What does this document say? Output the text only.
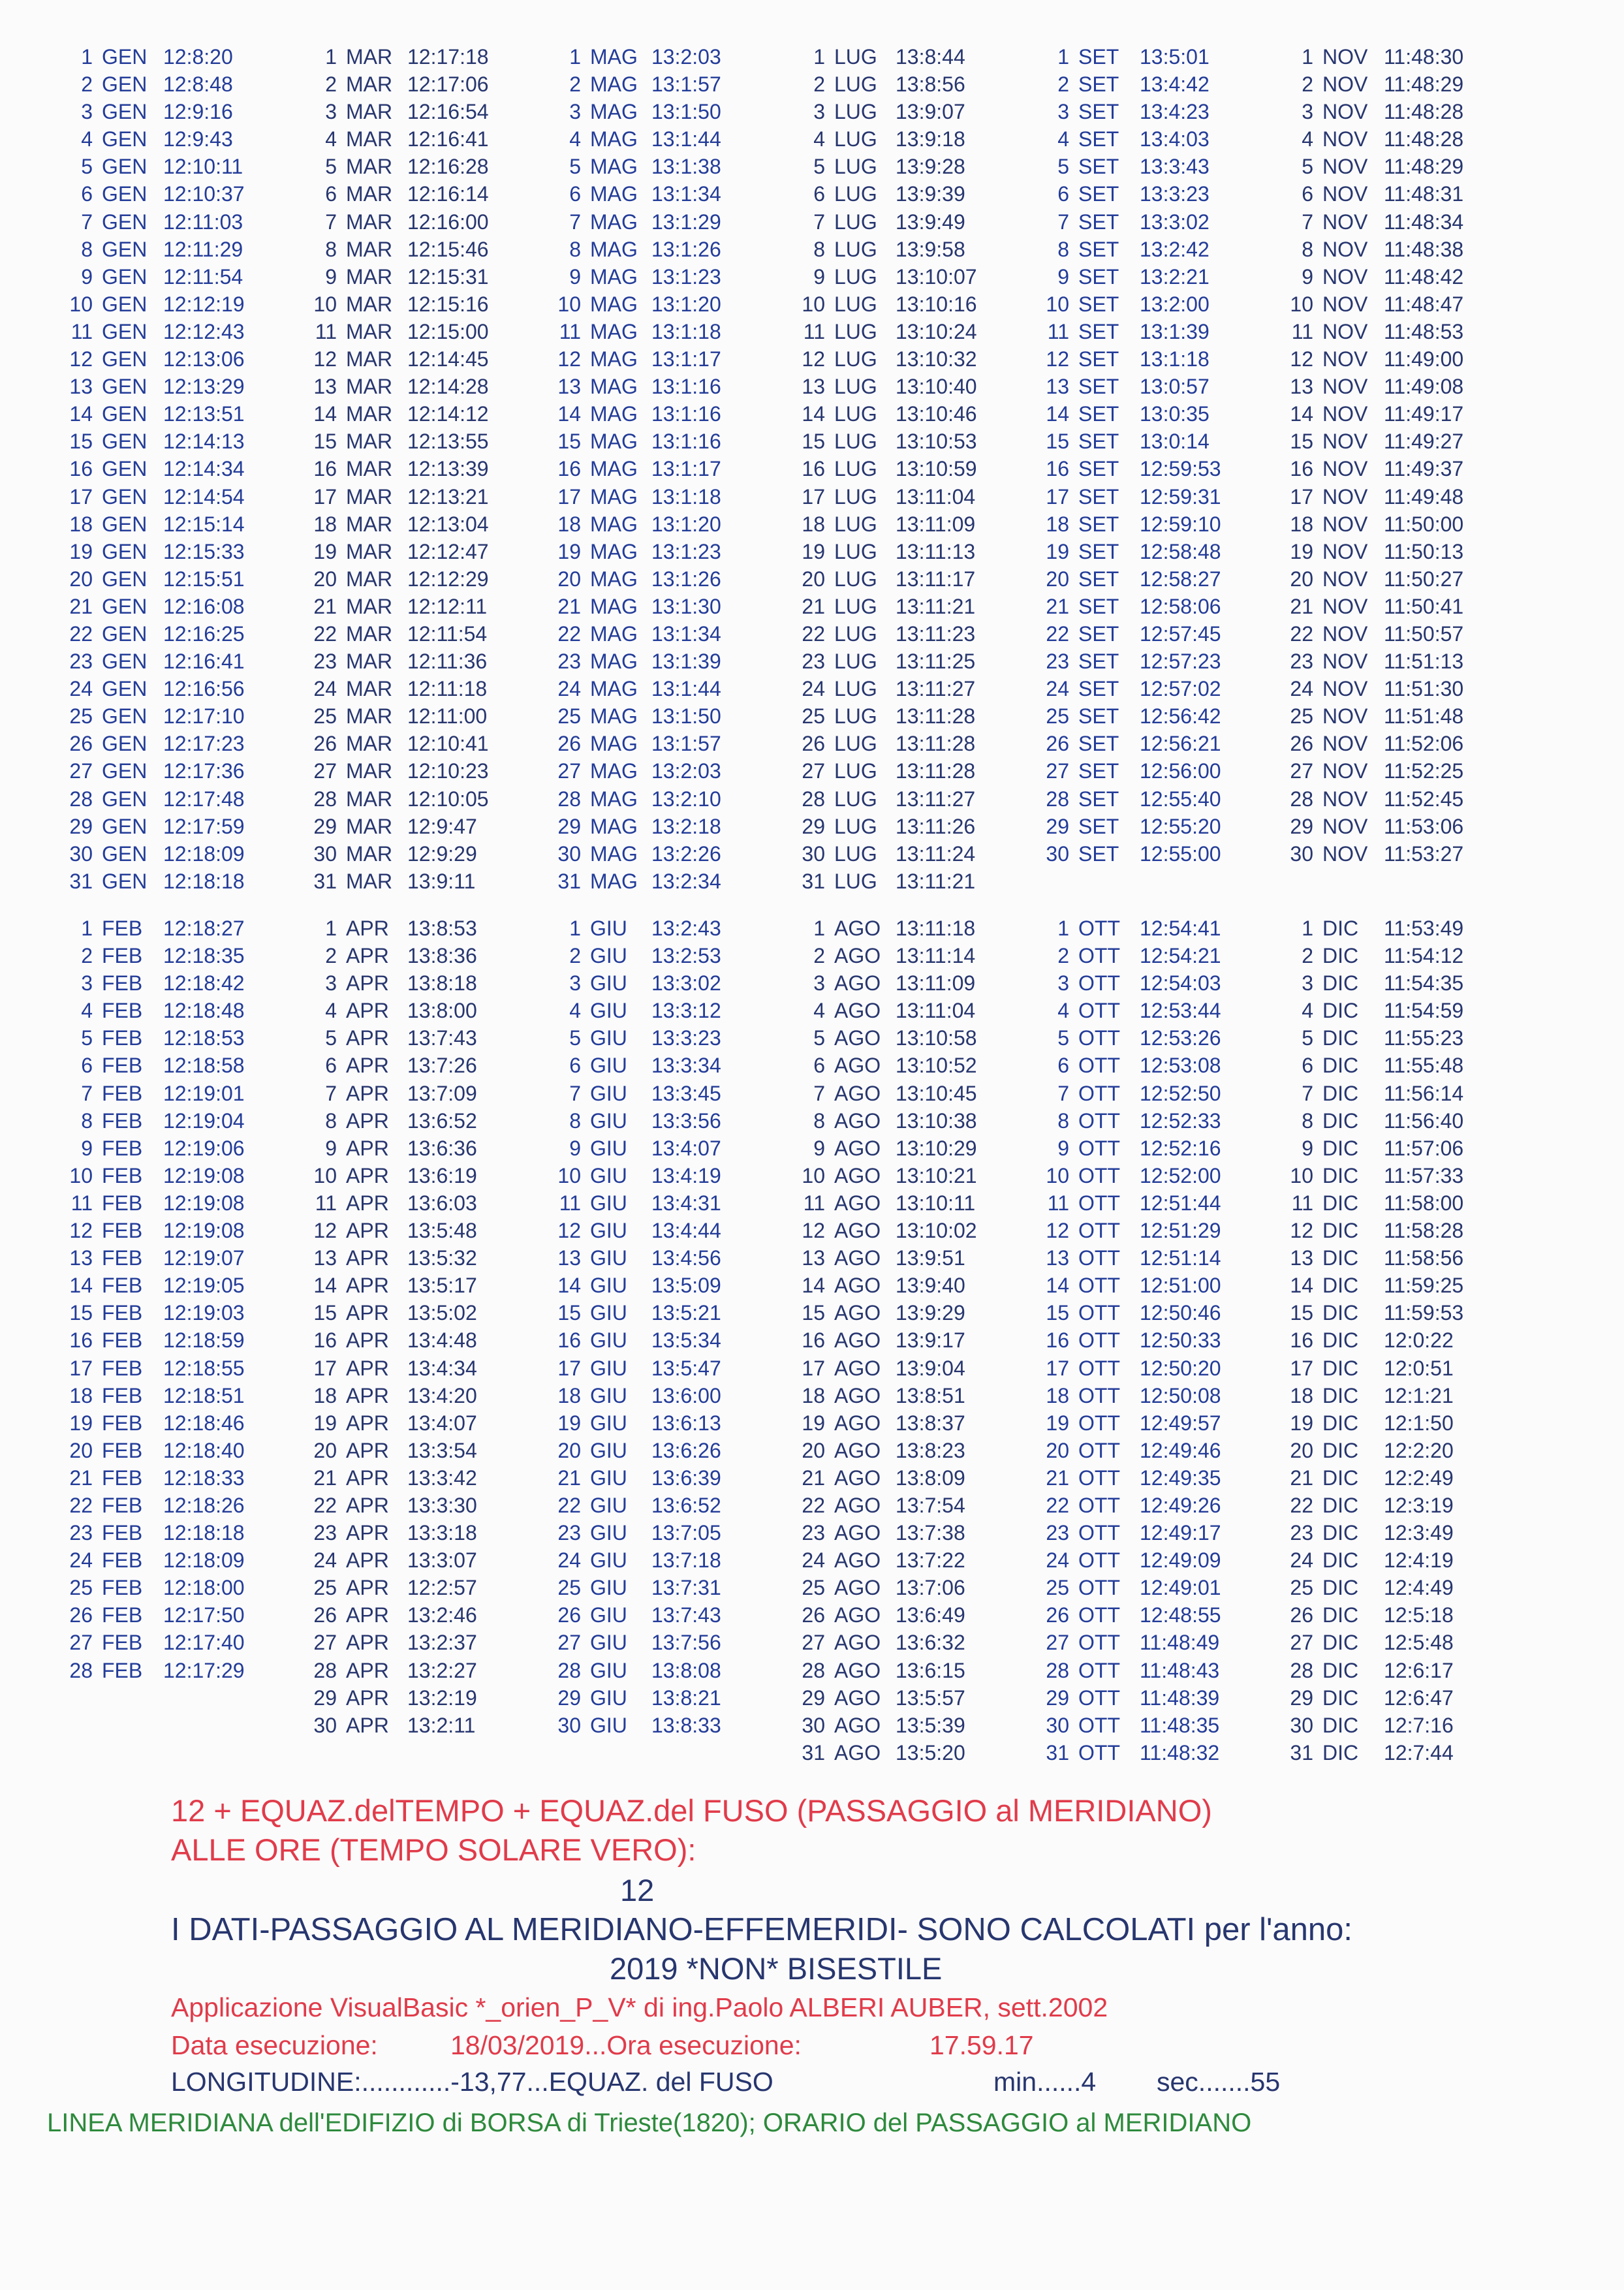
1 GEN 12:8:20
2 GEN 12:8:48
3 GEN 12:9:16
4 GEN 12:9:43
5 GEN 12:10:11
6 GEN 12:10:37
7 GEN 12:11:03
8 GEN 12:11:29
9 GEN 12:11:54
10 GEN 12:12:19
11 GEN 12:12:43
12 GEN 12:13:06
13 GEN 12:13:29
14 GEN 12:13:51
15 GEN 12:14:13
16 GEN 12:14:34
17 GEN 12:14:54
18 GEN 12:15:14
19 GEN 12:15:33
20 GEN 12:15:51
21 GEN 12:16:08
22 GEN 12:16:25
23 GEN 12:16:41
24 GEN 12:16:56
25 GEN 12:17:10
26 GEN 12:17:23
27 GEN 12:17:36
28 GEN 12:17:48
29 GEN 12:17:59
30 GEN 12:18:09
31 GEN 12:18:18
1 MAR 12:17:18
2 MAR 12:17:06
3 MAR 12:16:54
4 MAR 12:16:41
5 MAR 12:16:28
6 MAR 12:16:14
7 MAR 12:16:00
8 MAR 12:15:46
9 MAR 12:15:31
10 MAR 12:15:16
11 MAR 12:15:00
12 MAR 12:14:45
13 MAR 12:14:28
14 MAR 12:14:12
15 MAR 12:13:55
16 MAR 12:13:39
17 MAR 12:13:21
18 MAR 12:13:04
19 MAR 12:12:47
20 MAR 12:12:29
21 MAR 12:12:11
22 MAR 12:11:54
23 MAR 12:11:36
24 MAR 12:11:18
25 MAR 12:11:00
26 MAR 12:10:41
27 MAR 12:10:23
28 MAR 12:10:05
29 MAR 12:9:47
30 MAR 12:9:29
31 MAR 13:9:11
1 MAG 13:2:03
2 MAG 13:1:57
3 MAG 13:1:50
4 MAG 13:1:44
5 MAG 13:1:38
6 MAG 13:1:34
7 MAG 13:1:29
8 MAG 13:1:26
9 MAG 13:1:23
10 MAG 13:1:20
11 MAG 13:1:18
12 MAG 13:1:17
13 MAG 13:1:16
14 MAG 13:1:16
15 MAG 13:1:16
16 MAG 13:1:17
17 MAG 13:1:18
18 MAG 13:1:20
19 MAG 13:1:23
20 MAG 13:1:26
21 MAG 13:1:30
22 MAG 13:1:34
23 MAG 13:1:39
24 MAG 13:1:44
25 MAG 13:1:50
26 MAG 13:1:57
27 MAG 13:2:03
28 MAG 13:2:10
29 MAG 13:2:18
30 MAG 13:2:26
31 MAG 13:2:34
1 LUG 13:8:44
2 LUG 13:8:56
3 LUG 13:9:07
4 LUG 13:9:18
5 LUG 13:9:28
6 LUG 13:9:39
7 LUG 13:9:49
8 LUG 13:9:58
9 LUG 13:10:07
10 LUG 13:10:16
11 LUG 13:10:24
12 LUG 13:10:32
13 LUG 13:10:40
14 LUG 13:10:46
15 LUG 13:10:53
16 LUG 13:10:59
17 LUG 13:11:04
18 LUG 13:11:09
19 LUG 13:11:13
20 LUG 13:11:17
21 LUG 13:11:21
22 LUG 13:11:23
23 LUG 13:11:25
24 LUG 13:11:27
25 LUG 13:11:28
26 LUG 13:11:28
27 LUG 13:11:28
28 LUG 13:11:27
29 LUG 13:11:26
30 LUG 13:11:24
31 LUG 13:11:21
1 SET 13:5:01
2 SET 13:4:42
3 SET 13:4:23
4 SET 13:4:03
5 SET 13:3:43
6 SET 13:3:23
7 SET 13:3:02
8 SET 13:2:42
9 SET 13:2:21
10 SET 13:2:00
11 SET 13:1:39
12 SET 13:1:18
13 SET 13:0:57
14 SET 13:0:35
15 SET 13:0:14
16 SET 12:59:53
17 SET 12:59:31
18 SET 12:59:10
19 SET 12:58:48
20 SET 12:58:27
21 SET 12:58:06
22 SET 12:57:45
23 SET 12:57:23
24 SET 12:57:02
25 SET 12:56:42
26 SET 12:56:21
27 SET 12:56:00
28 SET 12:55:40
29 SET 12:55:20
30 SET 12:55:00
1 NOV 11:48:30
2 NOV 11:48:29
3 NOV 11:48:28
4 NOV 11:48:28
5 NOV 11:48:29
6 NOV 11:48:31
7 NOV 11:48:34
8 NOV 11:48:38
9 NOV 11:48:42
10 NOV 11:48:47
11 NOV 11:48:53
12 NOV 11:49:00
13 NOV 11:49:08
14 NOV 11:49:17
15 NOV 11:49:27
16 NOV 11:49:37
17 NOV 11:49:48
18 NOV 11:50:00
19 NOV 11:50:13
20 NOV 11:50:27
21 NOV 11:50:41
22 NOV 11:50:57
23 NOV 11:51:13
24 NOV 11:51:30
25 NOV 11:51:48
26 NOV 11:52:06
27 NOV 11:52:25
28 NOV 11:52:45
29 NOV 11:53:06
30 NOV 11:53:27
1 FEB 12:18:27
2 FEB 12:18:35
3 FEB 12:18:42
4 FEB 12:18:48
5 FEB 12:18:53
6 FEB 12:18:58
7 FEB 12:19:01
8 FEB 12:19:04
9 FEB 12:19:06
10 FEB 12:19:08
11 FEB 12:19:08
12 FEB 12:19:08
13 FEB 12:19:07
14 FEB 12:19:05
15 FEB 12:19:03
16 FEB 12:18:59
17 FEB 12:18:55
18 FEB 12:18:51
19 FEB 12:18:46
20 FEB 12:18:40
21 FEB 12:18:33
22 FEB 12:18:26
23 FEB 12:18:18
24 FEB 12:18:09
25 FEB 12:18:00
26 FEB 12:17:50
27 FEB 12:17:40
28 FEB 12:17:29
1 APR 13:8:53
2 APR 13:8:36
3 APR 13:8:18
4 APR 13:8:00
5 APR 13:7:43
6 APR 13:7:26
7 APR 13:7:09
8 APR 13:6:52
9 APR 13:6:36
10 APR 13:6:19
11 APR 13:6:03
12 APR 13:5:48
13 APR 13:5:32
14 APR 13:5:17
15 APR 13:5:02
16 APR 13:4:48
17 APR 13:4:34
18 APR 13:4:20
19 APR 13:4:07
20 APR 13:3:54
21 APR 13:3:42
22 APR 13:3:30
23 APR 13:3:18
24 APR 13:3:07
25 APR 12:2:57
26 APR 13:2:46
27 APR 13:2:37
28 APR 13:2:27
29 APR 13:2:19
30 APR 13:2:11
1 GIU 13:2:43
2 GIU 13:2:53
3 GIU 13:3:02
4 GIU 13:3:12
5 GIU 13:3:23
6 GIU 13:3:34
7 GIU 13:3:45
8 GIU 13:3:56
9 GIU 13:4:07
10 GIU 13:4:19
11 GIU 13:4:31
12 GIU 13:4:44
13 GIU 13:4:56
14 GIU 13:5:09
15 GIU 13:5:21
16 GIU 13:5:34
17 GIU 13:5:47
18 GIU 13:6:00
19 GIU 13:6:13
20 GIU 13:6:26
21 GIU 13:6:39
22 GIU 13:6:52
23 GIU 13:7:05
24 GIU 13:7:18
25 GIU 13:7:31
26 GIU 13:7:43
27 GIU 13:7:56
28 GIU 13:8:08
29 GIU 13:8:21
30 GIU 13:8:33
1 AGO 13:11:18
2 AGO 13:11:14
3 AGO 13:11:09
4 AGO 13:11:04
5 AGO 13:10:58
6 AGO 13:10:52
7 AGO 13:10:45
8 AGO 13:10:38
9 AGO 13:10:29
10 AGO 13:10:21
11 AGO 13:10:11
12 AGO 13:10:02
13 AGO 13:9:51
14 AGO 13:9:40
15 AGO 13:9:29
16 AGO 13:9:17
17 AGO 13:9:04
18 AGO 13:8:51
19 AGO 13:8:37
20 AGO 13:8:23
21 AGO 13:8:09
22 AGO 13:7:54
23 AGO 13:7:38
24 AGO 13:7:22
25 AGO 13:7:06
26 AGO 13:6:49
27 AGO 13:6:32
28 AGO 13:6:15
29 AGO 13:5:57
30 AGO 13:5:39
31 AGO 13:5:20
1 OTT 12:54:41
2 OTT 12:54:21
3 OTT 12:54:03
4 OTT 12:53:44
5 OTT 12:53:26
6 OTT 12:53:08
7 OTT 12:52:50
8 OTT 12:52:33
9 OTT 12:52:16
10 OTT 12:52:00
11 OTT 12:51:44
12 OTT 12:51:29
13 OTT 12:51:14
14 OTT 12:51:00
15 OTT 12:50:46
16 OTT 12:50:33
17 OTT 12:50:20
18 OTT 12:50:08
19 OTT 12:49:57
20 OTT 12:49:46
21 OTT 12:49:35
22 OTT 12:49:26
23 OTT 12:49:17
24 OTT 12:49:09
25 OTT 12:49:01
26 OTT 12:48:55
27 OTT 11:48:49
28 OTT 11:48:43
29 OTT 11:48:39
30 OTT 11:48:35
31 OTT 11:48:32
1 DIC 11:53:49
2 DIC 11:54:12
3 DIC 11:54:35
4 DIC 11:54:59
5 DIC 11:55:23
6 DIC 11:55:48
7 DIC 11:56:14
8 DIC 11:56:40
9 DIC 11:57:06
10 DIC 11:57:33
11 DIC 11:58:00
12 DIC 11:58:28
13 DIC 11:58:56
14 DIC 11:59:25
15 DIC 11:59:53
16 DIC 12:0:22
17 DIC 12:0:51
18 DIC 12:1:21
19 DIC 12:1:50
20 DIC 12:2:20
21 DIC 12:2:49
22 DIC 12:3:19
23 DIC 12:3:49
24 DIC 12:4:19
25 DIC 12:4:49
26 DIC 12:5:18
27 DIC 12:5:48
28 DIC 12:6:17
29 DIC 12:6:47
30 DIC 12:7:16
31 DIC 12:7:44
12 + EQUAZ.delTEMPO + EQUAZ.del FUSO (PASSAGGIO al MERIDIANO)
ALLE ORE (TEMPO SOLARE VERO):
12
I DATI-PASSAGGIO AL MERIDIANO-EFFEMERIDI- SONO CALCOLATI per l'anno:
2019 *NON* BISESTILE
Applicazione VisualBasic *_orien_P_V* di ing.Paolo ALBERI AUBER, sett.2002
Data esecuzione:	18/03/2019...Ora esecuzione:	17.59.17
LONGITUDINE:............-13,77...EQUAZ. del FUSO	min......4 sec.......55
LINEA MERIDIANA dell'EDIFIZIO di BORSA di Trieste(1820); ORARIO del PASSAGGIO al MERIDIANO
